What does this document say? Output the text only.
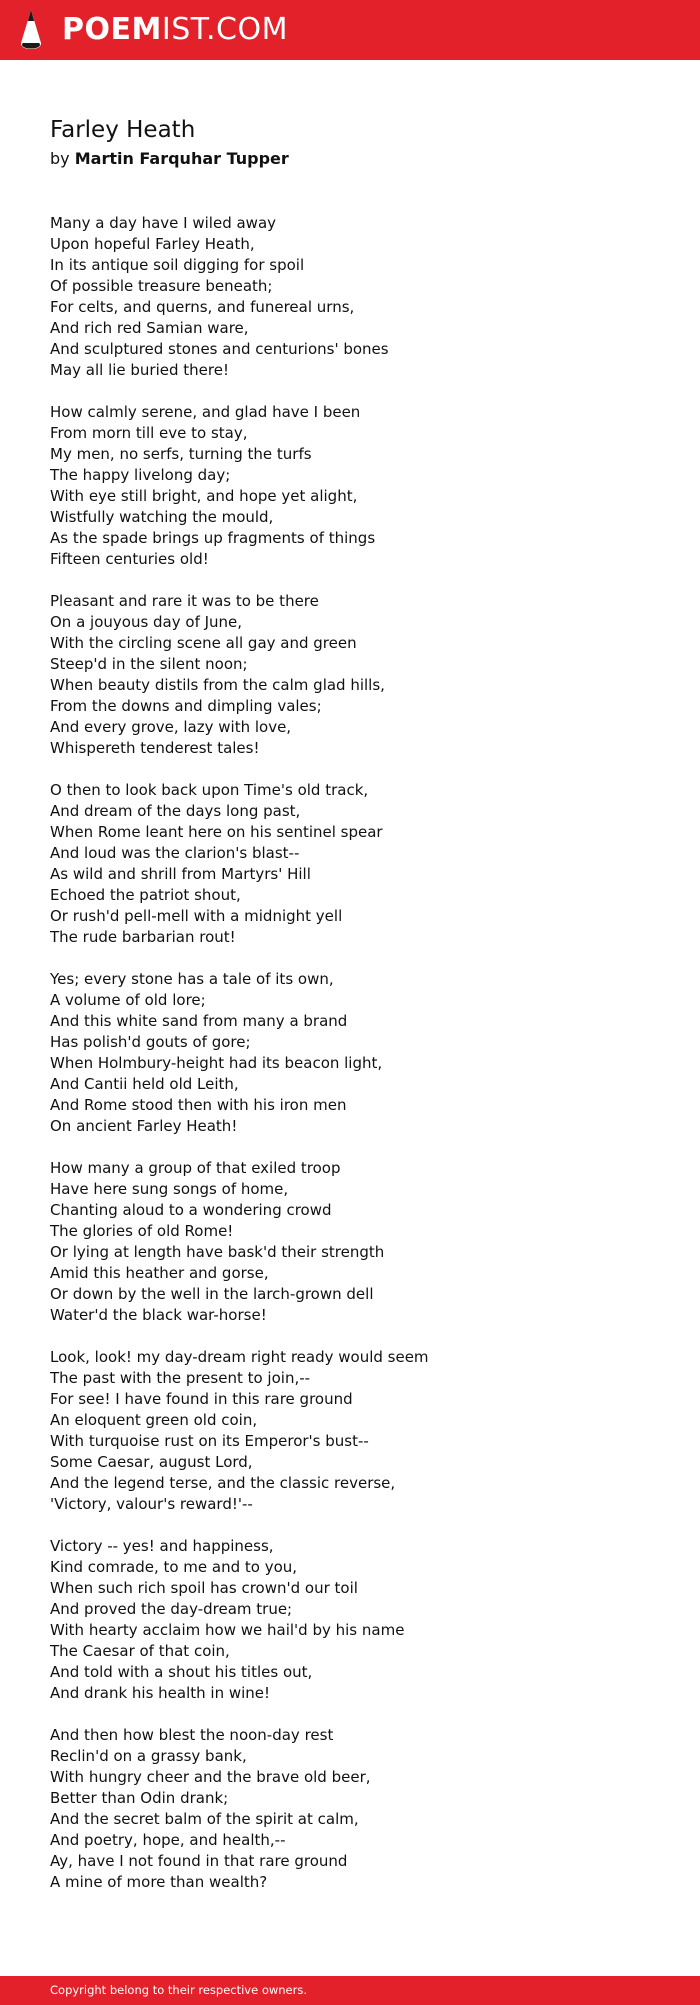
POEMIST.COM
Farley Heath
by Martin Farquhar Tupper
Many a day have I wiled away
Upon hopeful Farley Heath,
In its antique soil digging for spoil
Of possible treasure beneath;
For celts, and querns, and funereal urns,
And rich red Samian ware,
And sculptured stones and centurions' bones
May all lie buried there!
How calmly serene, and glad have I been
From morn till eve to stay,
My men, no serfs, turning the turfs
The happy livelong day;
With eye still bright, and hope yet alight,
Wistfully watching the mould,
As the spade brings up fragments of things
Fifteen centuries old!
Pleasant and rare it was to be there
On a jouyous day of June,
With the circling scene all gay and green
Steep'd in the silent noon;
When beauty distils from the calm glad hills,
From the downs and dimpling vales;
And every grove, lazy with love,
Whispereth tenderest tales!
O then to look back upon Time's old track,
And dream of the days long past,
When Rome leant here on his sentinel spear
And loud was the clarion's blast--
As wild and shrill from Martyrs' Hill
Echoed the patriot shout,
Or rush'd pell-mell with a midnight yell
The rude barbarian rout!
Yes; every stone has a tale of its own,
A volume of old lore;
And this white sand from many a brand
Has polish'd gouts of gore;
When Holmbury-height had its beacon light,
And Cantii held old Leith,
And Rome stood then with his iron men
On ancient Farley Heath!
How many a group of that exiled troop
Have here sung songs of home,
Chanting aloud to a wondering crowd
The glories of old Rome!
Or lying at length have bask'd their strength
Amid this heather and gorse,
Or down by the well in the larch-grown dell
Water'd the black war-horse!
Look, look! my day-dream right ready would seem
The past with the present to join,--
For see! I have found in this rare ground
An eloquent green old coin,
With turquoise rust on its Emperor's bust--
Some Caesar, august Lord,
And the legend terse, and the classic reverse,
'Victory, valour's reward!'--
Victory -- yes! and happiness,
Kind comrade, to me and to you,
When such rich spoil has crown'd our toil
And proved the day-dream true;
With hearty acclaim how we hail'd by his name
The Caesar of that coin,
And told with a shout his titles out,
And drank his health in wine!
And then how blest the noon-day rest
Reclin'd on a grassy bank,
With hungry cheer and the brave old beer,
Better than Odin drank;
And the secret balm of the spirit at calm,
And poetry, hope, and health,--
Ay, have I not found in that rare ground
A mine of more than wealth?
Copyright belong to their respective owners.
